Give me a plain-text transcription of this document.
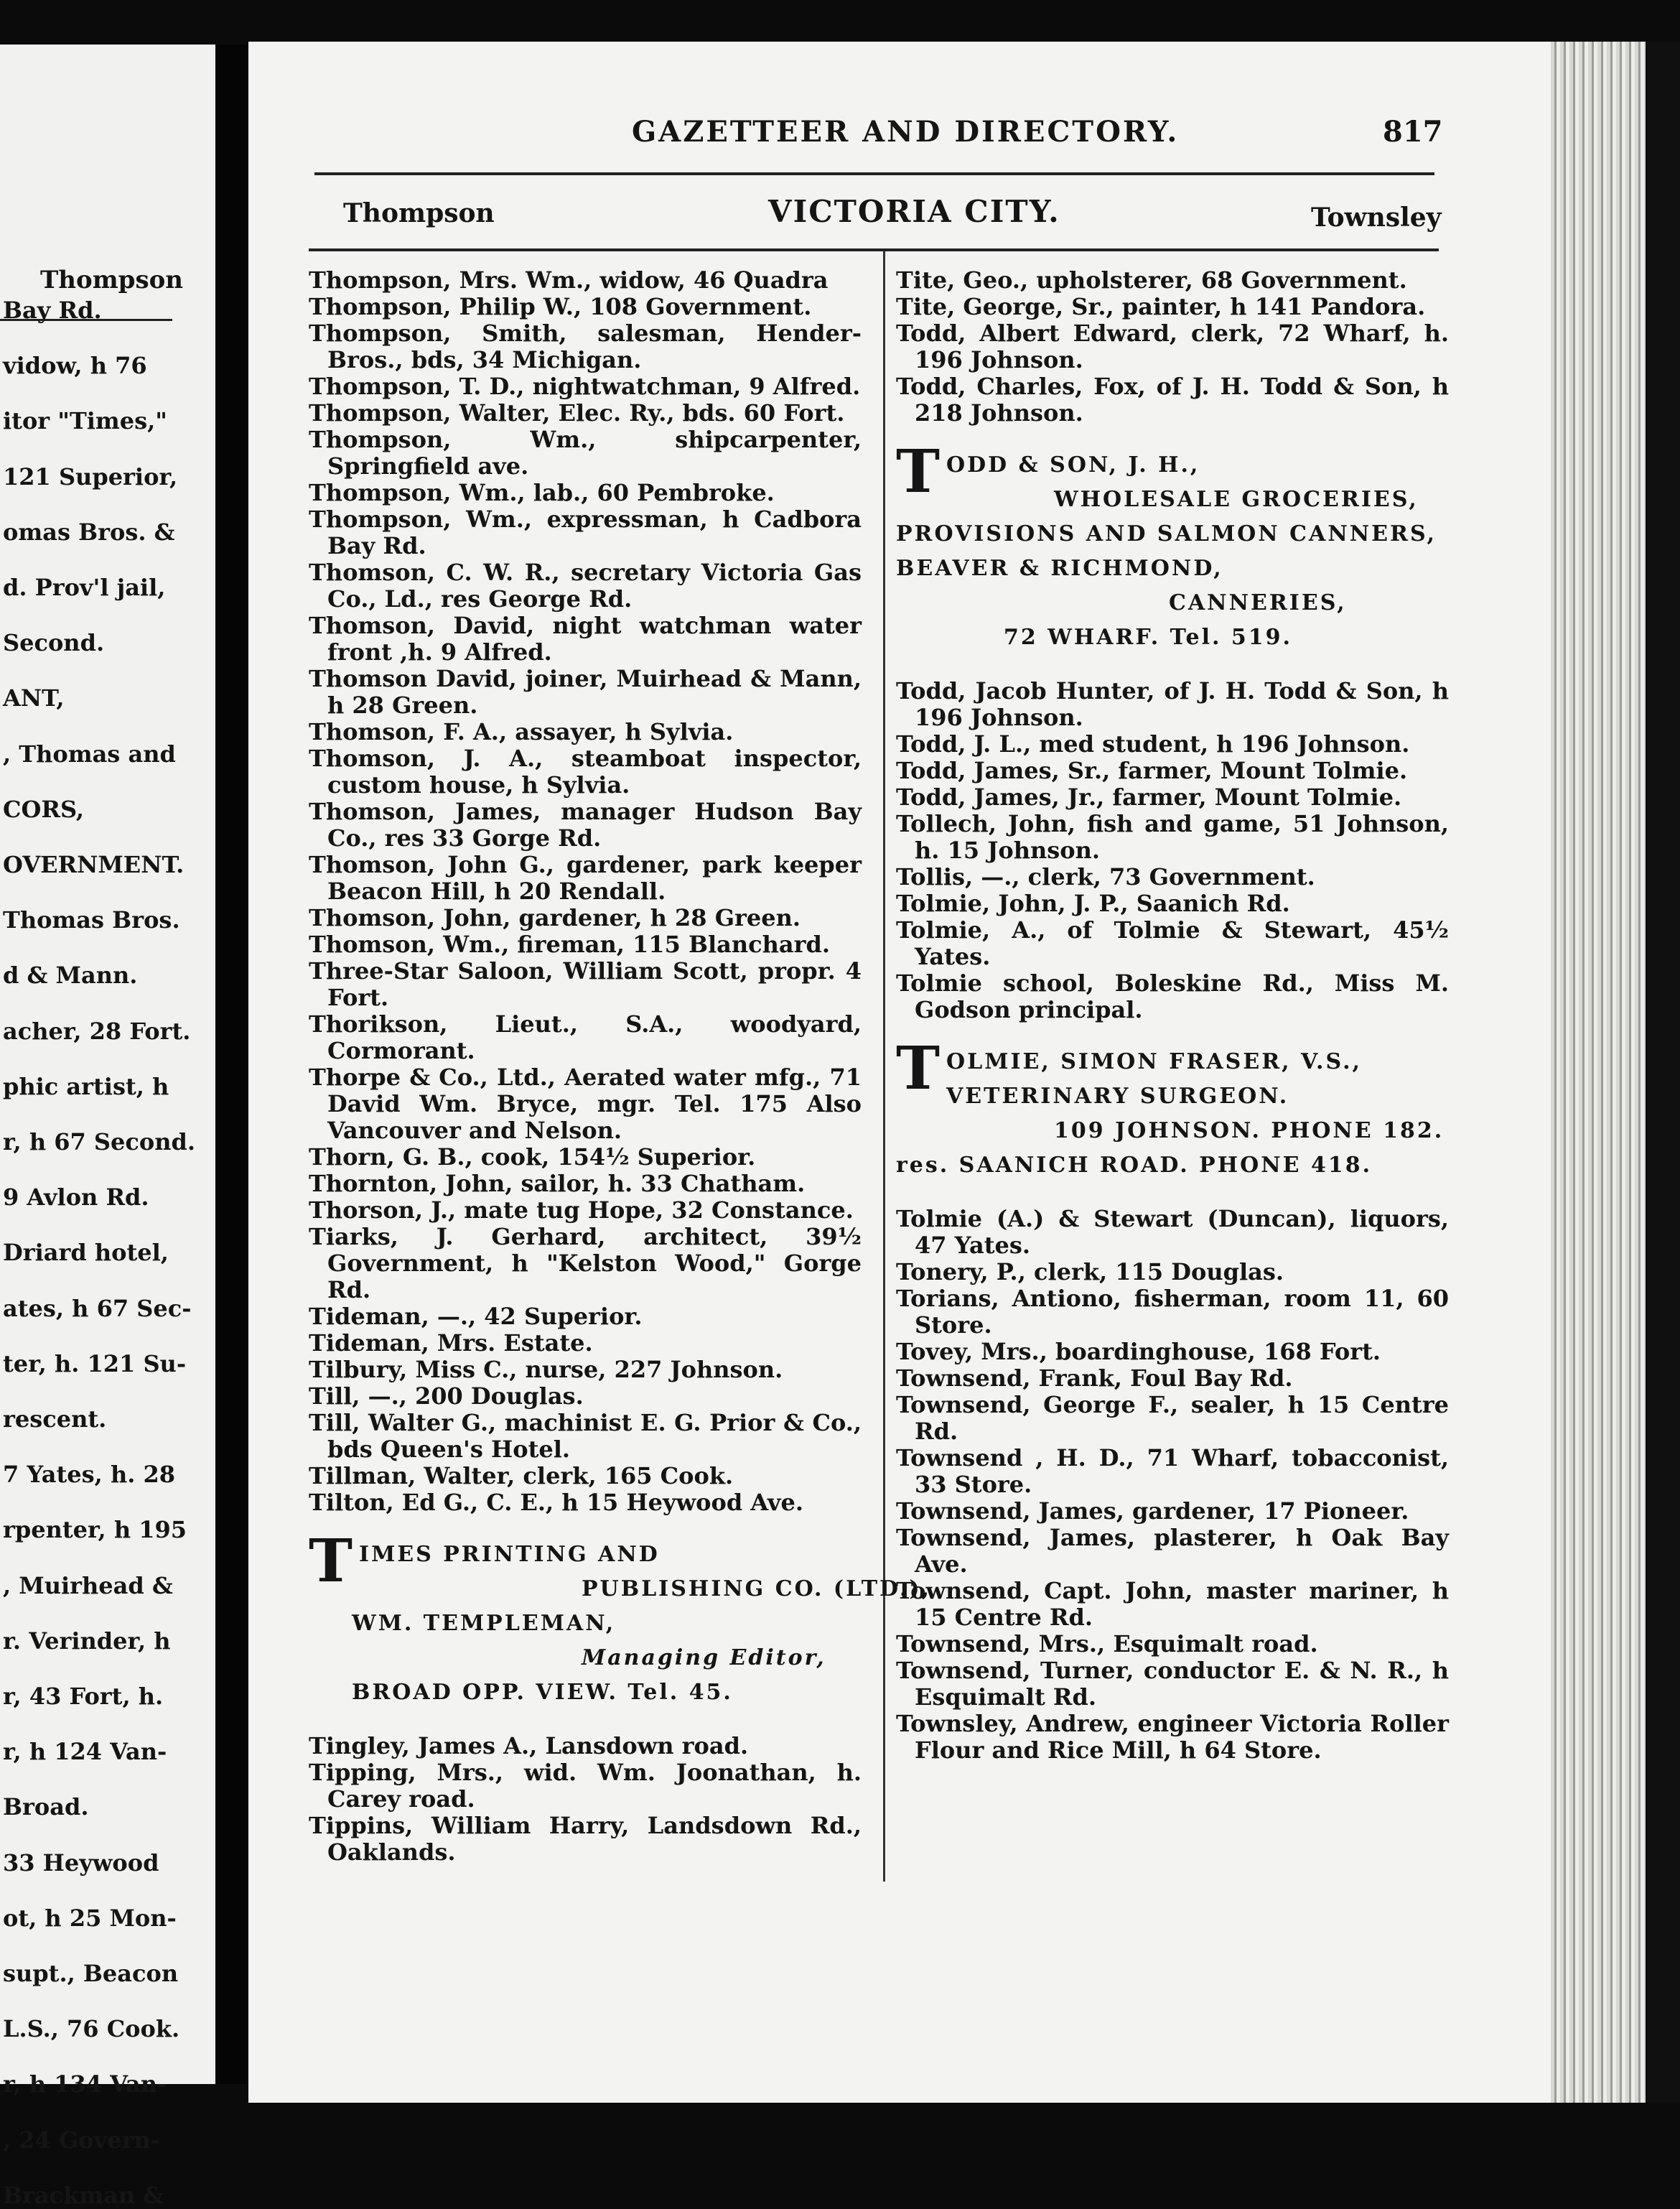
Thompson
Bay Rd.
vidow, h 76
itor "Times,"
121 Superior,
omas Bros. &
d. Prov'l jail,
Second.
ANT,
, Thomas and
CORS,
OVERNMENT.
Thomas Bros.
d & Mann.
acher, 28 Fort.
phic artist, h
r, h 67 Second.
9 Avlon Rd.
Driard hotel,
ates, h 67 Sec-
ter, h. 121 Su-
rescent.
7 Yates, h. 28
rpenter, h 195
, Muirhead &
r. Verinder, h
r, 43 Fort, h.
r, h 124 Van-
Broad.
33 Heywood
ot, h 25 Mon-
supt., Beacon
L.S., 76 Cook.
r, h 134 Van-
, 24 Govern-
Brackman &
GAZETTEER AND DIRECTORY.	817
Thompson	VICTORIA CITY.	Townsley
Thompson, Mrs. Wm., widow, 46 Quadra
Thompson, Philip W., 108 Government.
Thompson, Smith, salesman, Hender-Bros., bds, 34 Michigan.
Thompson, T. D., nightwatchman, 9 Alfred.
Thompson, Walter, Elec. Ry., bds. 60 Fort.
Thompson, Wm., shipcarpenter, Springfield ave.
Thompson, Wm., lab., 60 Pembroke.
Thompson, Wm., expressman, h Cadbora Bay Rd.
Thomson, C. W. R., secretary Victoria Gas Co., Ld., res George Rd.
Thomson, David, night watchman water front ,h. 9 Alfred.
Thomson David, joiner, Muirhead & Mann, h 28 Green.
Thomson, F. A., assayer, h Sylvia.
Thomson, J. A., steamboat inspector, custom house, h Sylvia.
Thomson, James, manager Hudson Bay Co., res 33 Gorge Rd.
Thomson, John G., gardener, park keeper Beacon Hill, h 20 Rendall.
Thomson, John, gardener, h 28 Green.
Thomson, Wm., fireman, 115 Blanchard.
Three-Star Saloon, William Scott, propr. 4 Fort.
Thorikson, Lieut., S.A., woodyard, Cormorant.
Thorpe & Co., Ltd., Aerated water mfg., 71 David Wm. Bryce, mgr. Tel. 175 Also Vancouver and Nelson.
Thorn, G. B., cook, 154½ Superior.
Thornton, John, sailor, h. 33 Chatham.
Thorson, J., mate tug Hope, 32 Constance.
Tiarks, J. Gerhard, architect, 39½ Government, h "Kelston Wood," Gorge Rd.
Tideman, —., 42 Superior.
Tideman, Mrs. Estate.
Tilbury, Miss C., nurse, 227 Johnson.
Till, —., 200 Douglas.
Till, Walter G., machinist E. G. Prior & Co., bds Queen's Hotel.
Tillman, Walter, clerk, 165 Cook.
Tilton, Ed G., C. E., h 15 Heywood Ave.
T IMES PRINTING AND
PUBLISHING CO. (LTD.),
WM. TEMPLEMAN,
Managing Editor,
BROAD OPP. VIEW. Tel. 45.
Tingley, James A., Lansdown road.
Tipping, Mrs., wid. Wm. Joonathan, h. Carey road.
Tippins, William Harry, Landsdown Rd., Oaklands.
Tite, Geo., upholsterer, 68 Government.
Tite, George, Sr., painter, h 141 Pandora.
Todd, Albert Edward, clerk, 72 Wharf, h. 196 Johnson.
Todd, Charles, Fox, of J. H. Todd & Son, h 218 Johnson.
T ODD & SON, J. H.,
WHOLESALE GROCERIES,
PROVISIONS AND SALMON CANNERS,
BEAVER & RICHMOND,
CANNERIES,
72 WHARF. Tel. 519.
Todd, Jacob Hunter, of J. H. Todd & Son, h 196 Johnson.
Todd, J. L., med student, h 196 Johnson.
Todd, James, Sr., farmer, Mount Tolmie.
Todd, James, Jr., farmer, Mount Tolmie.
Tollech, John, fish and game, 51 Johnson, h. 15 Johnson.
Tollis, —., clerk, 73 Government.
Tolmie, John, J. P., Saanich Rd.
Tolmie, A., of Tolmie & Stewart, 45½ Yates.
Tolmie school, Boleskine Rd., Miss M. Godson principal.
T OLMIE, SIMON FRASER, V.S.,
VETERINARY SURGEON.
109 JOHNSON. PHONE 182.
res. SAANICH ROAD. PHONE 418.
Tolmie (A.) & Stewart (Duncan), liquors, 47 Yates.
Tonery, P., clerk, 115 Douglas.
Torians, Antiono, fisherman, room 11, 60 Store.
Tovey, Mrs., boardinghouse, 168 Fort.
Townsend, Frank, Foul Bay Rd.
Townsend, George F., sealer, h 15 Centre Rd.
Townsend , H. D., 71 Wharf, tobacconist, 33 Store.
Townsend, James, gardener, 17 Pioneer.
Townsend, James, plasterer, h Oak Bay Ave.
Townsend, Capt. John, master mariner, h 15 Centre Rd.
Townsend, Mrs., Esquimalt road.
Townsend, Turner, conductor E. & N. R., h Esquimalt Rd.
Townsley, Andrew, engineer Victoria Roller Flour and Rice Mill, h 64 Store.
